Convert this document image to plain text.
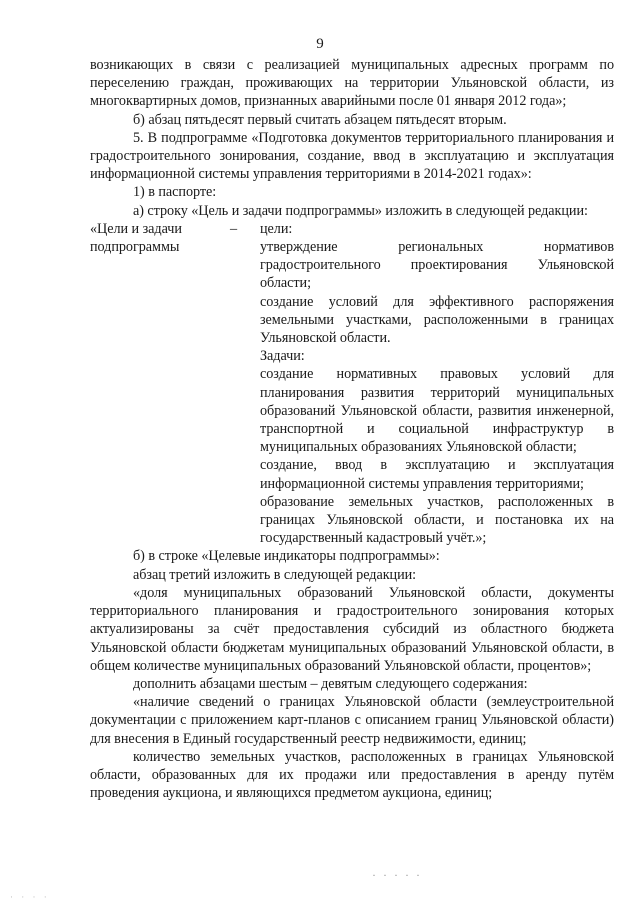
9

возникающих в связи с реализацией муниципальных адресных программ по переселению граждан, проживающих на территории Ульяновской области, из многоквартирных домов, признанных аварийными после 01 января 2012 года»;

б) абзац пятьдесят первый считать абзацем пятьдесят вторым.

5. В подпрограмме «Подготовка документов территориального планирования и градостроительного зонирования, создание, ввод в эксплуатацию и эксплуатация информационной системы управления территориями в 2014-2021 годах»:

1) в паспорте:

а) строку «Цель и задачи подпрограммы» изложить в следующей редакции:

«Цели и задачи подпрограммы
–	цели:

утверждение региональных нормативов градостроительного проектирования Ульяновской области;

создание условий для эффективного распоряжения земельными участками, расположенными в границах Ульяновской области.

Задачи:

создание нормативных правовых условий для планирования развития территорий муниципальных образований Ульяновской области, развития инженерной, транспортной и социальной инфраструктур в муниципальных образованиях Ульяновской области;

создание, ввод в эксплуатацию и эксплуатация информационной системы управления территориями;

образование земельных участков, расположенных в границах Ульяновской области, и постановка их на государственный кадастровый учёт.»;

б) в строке «Целевые индикаторы подпрограммы»:

абзац третий изложить в следующей редакции:

«доля муниципальных образований Ульяновской области, документы территориального планирования и градостроительного зонирования которых актуализированы за счёт предоставления субсидий из областного бюджета Ульяновской области бюджетам муниципальных образований Ульяновской области, в общем количестве муниципальных образований Ульяновской области, процентов»;

дополнить абзацами шестым – девятым следующего содержания:

«наличие сведений о границах Ульяновской области (землеустроительной документации с приложением карт-планов с описанием границ Ульяновской области) для внесения в Единый государственный реестр недвижимости, единиц;

количество земельных участков, расположенных в границах Ульяновской области, образованных для их продажи или предоставления в аренду путём проведения аукциона, и являющихся предметом аукциона, единиц;

· · · · ·
· · · ·
